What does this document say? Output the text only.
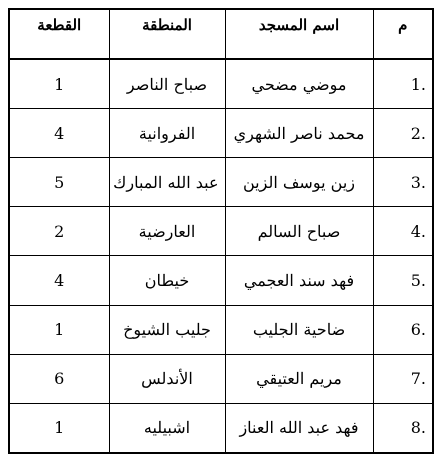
م	اسم المسجد	المنطقة	القطعة
.1	موضي مضحي	صباح الناصر	1
.2	محمد ناصر الشهري	الفروانية	4
.3	زين يوسف الزين	عبد الله المبارك	5
.4	صباح السالم	العارضية	2
.5	فهد سند العجمي	خيطان	4
.6	ضاحية الجليب	جليب الشيوخ	1
.7	مريم العتيقي	الأندلس	6
.8	فهد عبد الله العناز	اشبيليه	1
